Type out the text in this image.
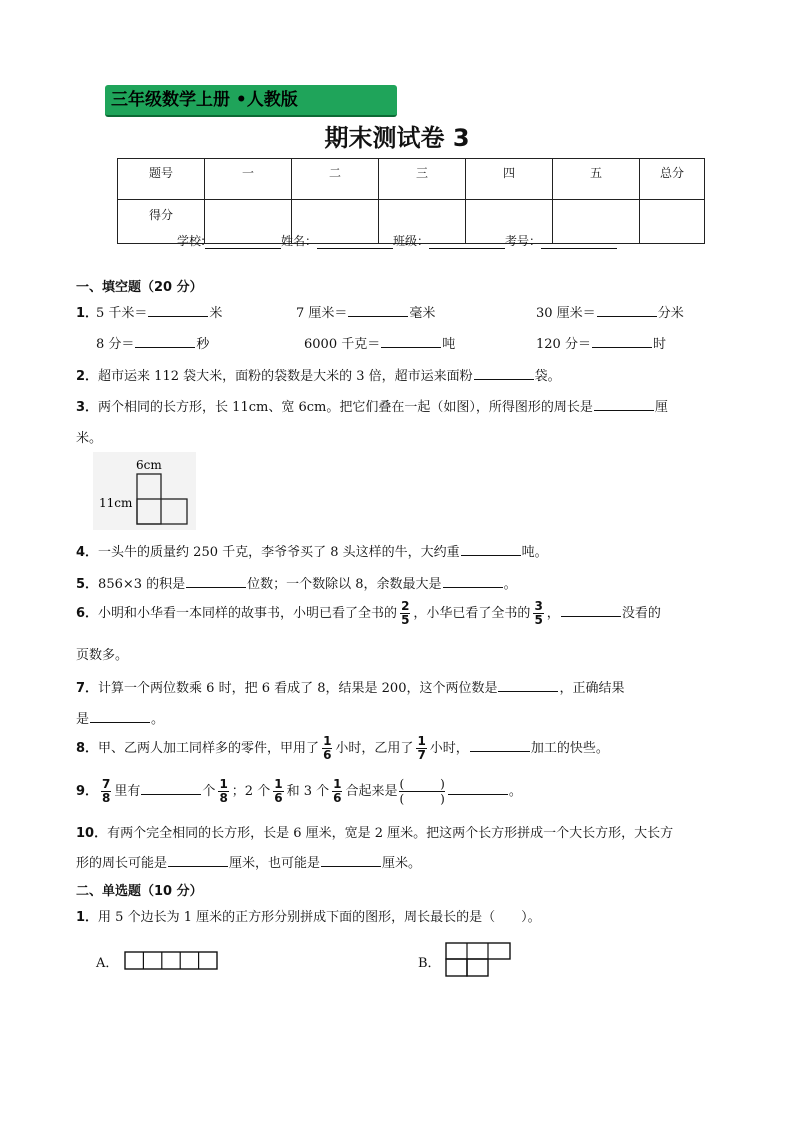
三年级数学上册 •人教版
期末测试卷 3
题号	一	二	三	四	五	总分
得分						
学校:	姓名：	班级：	考号：
一、填空题（20 分）
1．
5 千米＝	米	7 厘米＝	毫米	30 厘米＝	分米
8 分＝	秒	6000 千克＝	吨	120 分＝	时
2．超市运来 112 袋大米，面粉的袋数是大米的 3 倍，超市运来面粉	袋。
3．两个相同的长方形，长 11cm、宽 6cm。把它们叠在一起（如图），所得图形的周长是	厘
米。
6cm
11cm
4．一头牛的质量约 250 千克，李爷爷买了 8 头这样的牛，大约重	吨。
5．856×3 的积是	位数；一个数除以 8，余数最大是	。
6．小明和小华看一本同样的故事书，小明已看了全书的 $\frac{2}{5}$ ，小华已看了全书的 $\frac{3}{5}$ ，	没看的
页数多。
7．计算一个两位数乘 6 时，把 6 看成了 8，结果是 200，这个两位数是	，正确结果
是	。
8．甲、乙两人加工同样多的零件，甲用了 $\frac{1}{6}$ 小时，乙用了 $\frac{1}{7}$ 小时，	加工的快些。
9． $\frac{7}{8}$ 里有	个 $\frac{1}{8}$ ；2 个 $\frac{1}{6}$ 和 3 个 $\frac{1}{6}$ 合起来是 $\frac{( )}{( )}$	。
10．有两个完全相同的长方形，长是 6 厘米，宽是 2 厘米。把这两个长方形拼成一个大长方形，大长方
形的周长可能是	厘米，也可能是	厘米。
二、单选题（10 分）
1．用 5 个边长为 1 厘米的正方形分别拼成下面的图形，周长最长的是（　　）。
A．	B．
